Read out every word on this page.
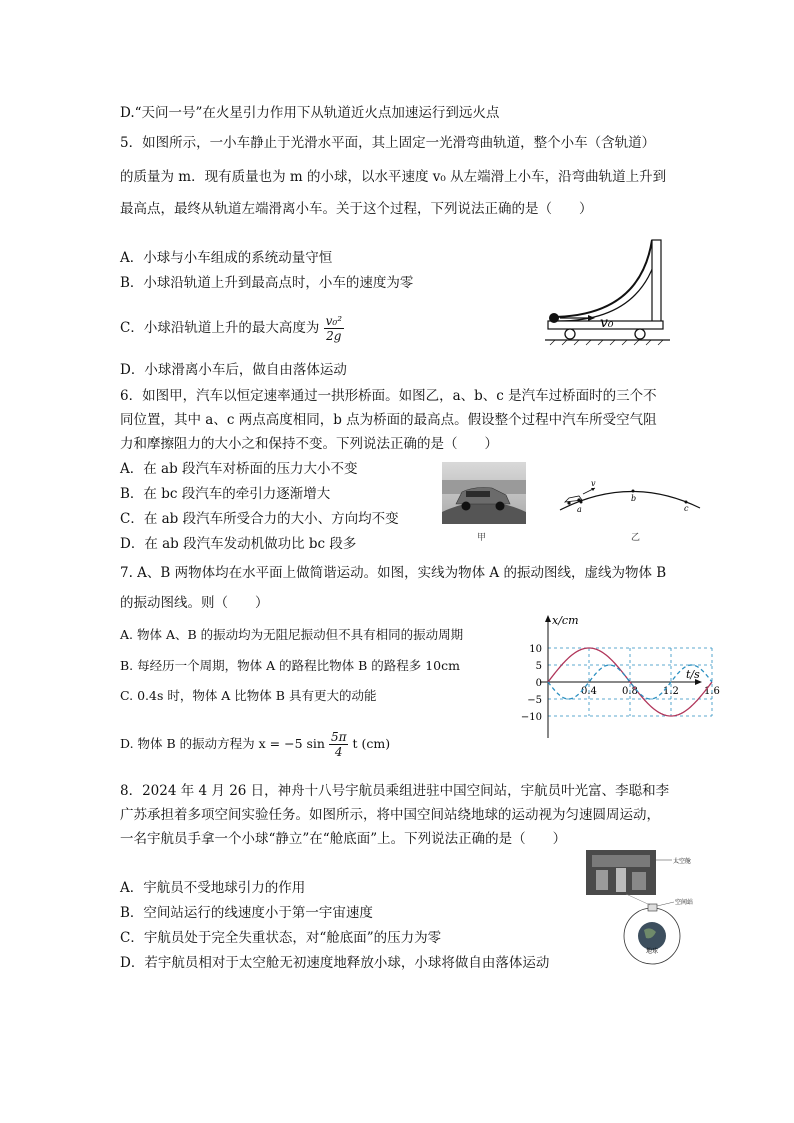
D.“天问一号”在火星引力作用下从轨道近火点加速运行到远火点
5．如图所示，一小车静止于光滑水平面，其上固定一光滑弯曲轨道，整个小车（含轨道）
的质量为 m．现有质量也为 m 的小球，以水平速度 v₀ 从左端滑上小车，沿弯曲轨道上升到
最高点，最终从轨道左端滑离小车。关于这个过程，下列说法正确的是（　　）
A．小球与小车组成的系统动量守恒
B．小球沿轨道上升到最高点时，小车的速度为零
C．小球沿轨道上升的最大高度为 $\frac{\text{v₀²}}{2g}$
D．小球滑离小车后，做自由落体运动
v₀
6．如图甲，汽车以恒定速率通过一拱形桥面。如图乙，a、b、c 是汽车过桥面时的三个不
同位置，其中 a、c 两点高度相同，b 点为桥面的最高点。假设整个过程中汽车所受空气阻
力和摩擦阻力的大小之和保持不变。下列说法正确的是（　　）
A．在 ab 段汽车对桥面的压力大小不变
B．在 bc 段汽车的牵引力逐渐增大
C．在 ab 段汽车所受合力的大小、方向均不变
D．在 ab 段汽车发动机做功比 bc 段多	甲
v
a
b
c
乙
7. A、B 两物体均在水平面上做简谐运动。如图，实线为物体 A 的振动图线，虚线为物体 B
的振动图线。则（　　）
A. 物体 A、B 的振动均为无阻尼振动但不具有相同的振动周期
B. 每经历一个周期，物体 A 的路程比物体 B 的路程多 10cm
C. 0.4s 时，物体 A 比物体 B 具有更大的动能
D. 物体 B 的振动方程为 x = −5 $\sin \frac{5\pi}{4}$ t (cm)
x/cm
t/s
0.4	0.8	1.2	1.6
10
5
0
−5
−10
8．2024 年 4 月 26 日，神舟十八号宇航员乘组进驻中国空间站，宇航员叶光富、李聪和李
广苏承担着多项空间实验任务。如图所示，将中国空间站绕地球的运动视为匀速圆周运动，
一名宇航员手拿一个小球“静立”在“舱底面”上。下列说法正确的是（　　）
A．宇航员不受地球引力的作用
B．空间站运行的线速度小于第一宇宙速度
C．宇航员处于完全失重状态，对“舱底面”的压力为零
D．若宇航员相对于太空舱无初速度地释放小球，小球将做自由落体运动
太空舱
地球
空间站
